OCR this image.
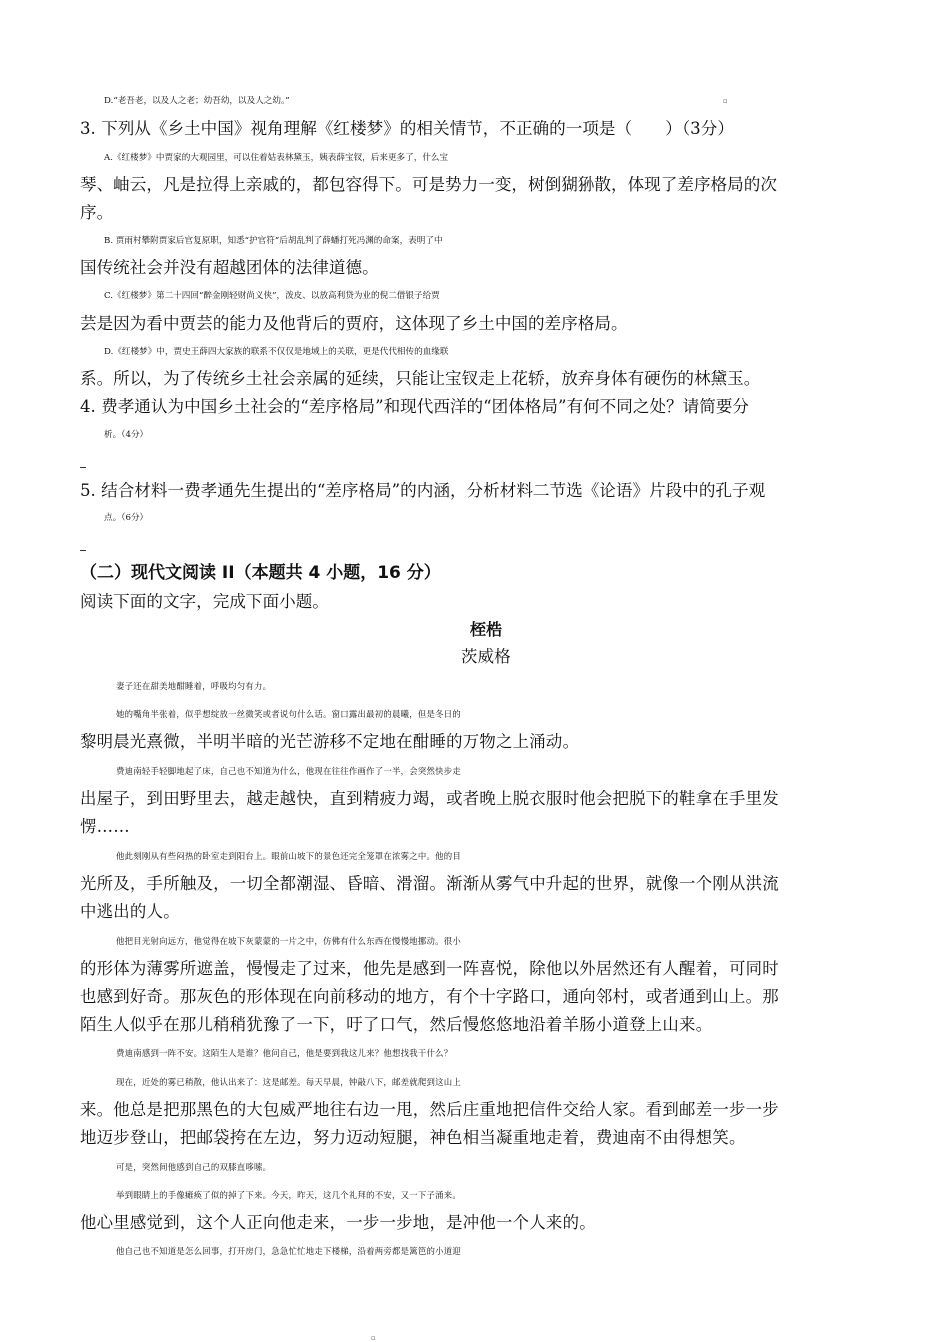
D.“老吾老，以及人之老；幼吾幼，以及人之幼。”	▫
3. 下列从《乡土中国》视角理解《红楼梦》的相关情节，不正确的一项是（　　）（3分）
A.《红楼梦》中贾家的大观园里，可以住着姑表林黛玉，姨表薛宝钗，后来更多了，什么宝
琴、岫云，凡是拉得上亲戚的，都包容得下。可是势力一变，树倒猢狲散，体现了差序格局的次
序。
B. 贾雨村攀附贾家后官复原职，知悉“护官符”后胡乱判了薛蟠打死冯渊的命案，表明了中
国传统社会并没有超越团体的法律道德。
C.《红楼梦》第二十四回“醉金刚轻财尚义侠”，泼皮、以放高利贷为业的倪二借银子给贾
芸是因为看中贾芸的能力及他背后的贾府，这体现了乡土中国的差序格局。
D.《红楼梦》中，贾史王薛四大家族的联系不仅仅是地域上的关联，更是代代相传的血缘联
系。所以，为了传统乡土社会亲属的延续，只能让宝钗走上花轿，放弃身体有硬伤的林黛玉。
4. 费孝通认为中国乡土社会的“差序格局”和现代西洋的“团体格局”有何不同之处？请简要分
析。（4分）
5. 结合材料一费孝通先生提出的“差序格局”的内涵，分析材料二节选《论语》片段中的孔子观
点。（6分）
（二）现代文阅读 II（本题共 4 小题，16 分）
阅读下面的文字，完成下面小题。
桎梏
茨威格
妻子还在甜美地酣睡着，呼吸均匀有力。
她的嘴角半张着，似乎想绽放一丝微笑或者说句什么话。窗口露出最初的晨曦，但是冬日的
黎明晨光熹微，半明半暗的光芒游移不定地在酣睡的万物之上涌动。
费迪南轻手轻脚地起了床，自己也不知道为什么，他现在往往作画作了一半，会突然快步走
出屋子，到田野里去，越走越快，直到精疲力竭，或者晚上脱衣服时他会把脱下的鞋拿在手里发
愣……
他此刻刚从有些闷热的卧室走到阳台上。眼前山坡下的景色还完全笼罩在浓雾之中。他的目
光所及，手所触及，一切全都潮湿、昏暗、滑溜。渐渐从雾气中升起的世界，就像一个刚从洪流
中逃出的人。
他把目光射向远方，他觉得在坡下灰蒙蒙的一片之中，仿佛有什么东西在慢慢地挪动。很小
的形体为薄雾所遮盖，慢慢走了过来，他先是感到一阵喜悦，除他以外居然还有人醒着，可同时
也感到好奇。那灰色的形体现在向前移动的地方，有个十字路口，通向邻村，或者通到山上。那
陌生人似乎在那儿稍稍犹豫了一下，吁了口气，然后慢悠悠地沿着羊肠小道登上山来。
费迪南感到一阵不安。这陌生人是谁？他问自己，他是要到我这儿来？他想找我干什么？
现在，近处的雾已稍散，他认出来了：这是邮差。每天早晨，钟敲八下，邮差就爬到这山上
来。他总是把那黑色的大包威严地往右边一甩，然后庄重地把信件交给人家。看到邮差一步一步
地迈步登山，把邮袋挎在左边，努力迈动短腿，神色相当凝重地走着，费迪南不由得想笑。
可是，突然间他感到自己的双膝直哆嗦。
举到眼睛上的手像瘫痪了似的掉了下来。今天，昨天，这几个礼拜的不安，又一下子涌来。
他心里感觉到，这个人正向他走来，一步一步地，是冲他一个人来的。
他自己也不知道是怎么回事，打开房门，急急忙忙地走下楼梯，沿着两旁都是篱笆的小道迎
▫
